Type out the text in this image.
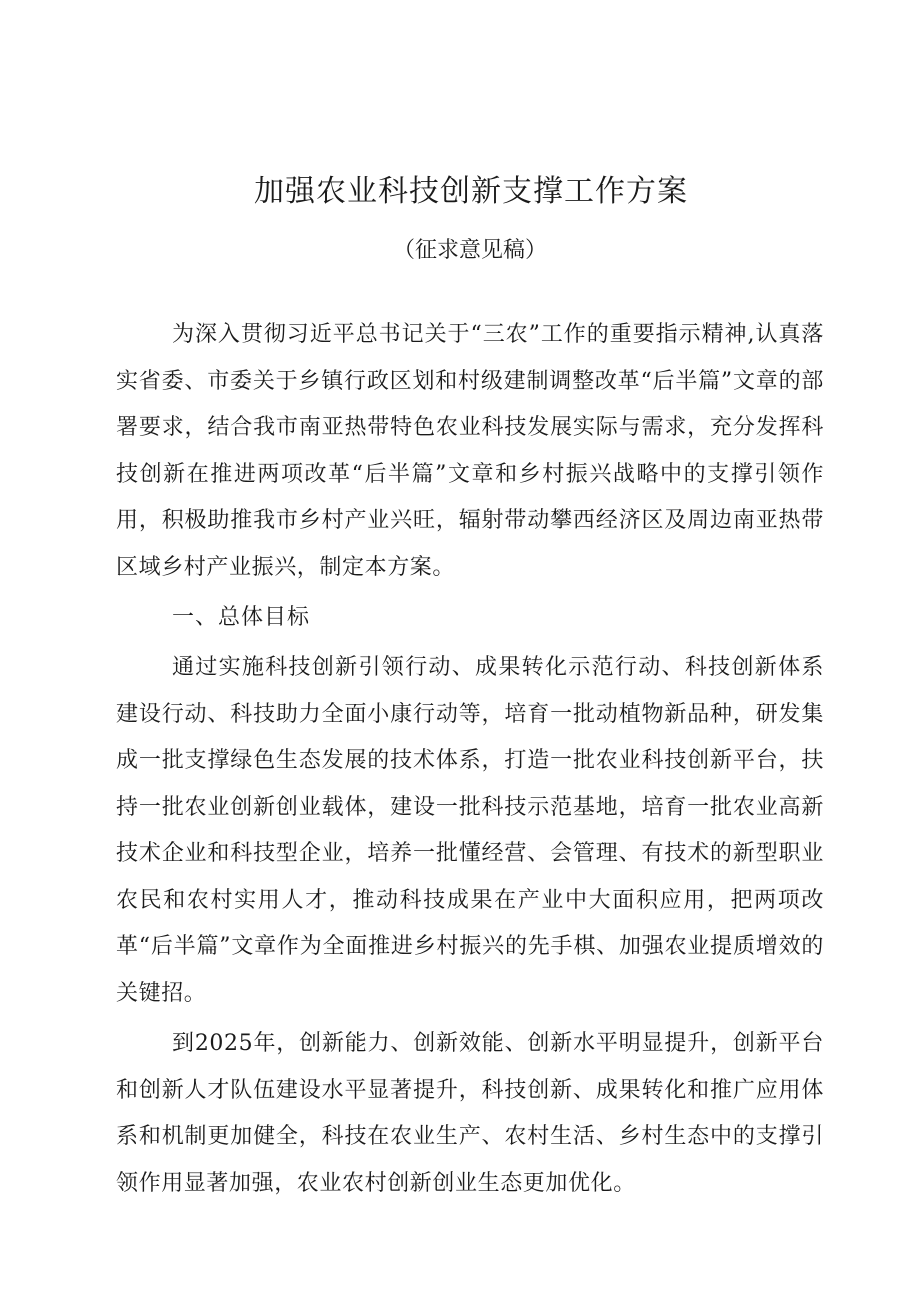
加强农业科技创新支撑工作方案
（征求意见稿）

为深入贯彻习近平总书记关于“三农”工作的重要指示精神,认真落实省委、市委关于乡镇行政区划和村级建制调整改革“后半篇”文章的部署要求，结合我市南亚热带特色农业科技发展实际与需求，充分发挥科技创新在推进两项改革“后半篇”文章和乡村振兴战略中的支撑引领作用，积极助推我市乡村产业兴旺，辐射带动攀西经济区及周边南亚热带区域乡村产业振兴，制定本方案。

一、总体目标

通过实施科技创新引领行动、成果转化示范行动、科技创新体系建设行动、科技助力全面小康行动等，培育一批动植物新品种，研发集成一批支撑绿色生态发展的技术体系，打造一批农业科技创新平台，扶持一批农业创新创业载体，建设一批科技示范基地，培育一批农业高新技术企业和科技型企业，培养一批懂经营、会管理、有技术的新型职业农民和农村实用人才，推动科技成果在产业中大面积应用，把两项改革“后半篇”文章作为全面推进乡村振兴的先手棋、加强农业提质增效的关键招。

到2025年，创新能力、创新效能、创新水平明显提升，创新平台和创新人才队伍建设水平显著提升，科技创新、成果转化和推广应用体系和机制更加健全，科技在农业生产、农村生活、乡村生态中的支撑引领作用显著加强，农业农村创新创业生态更加优化。
